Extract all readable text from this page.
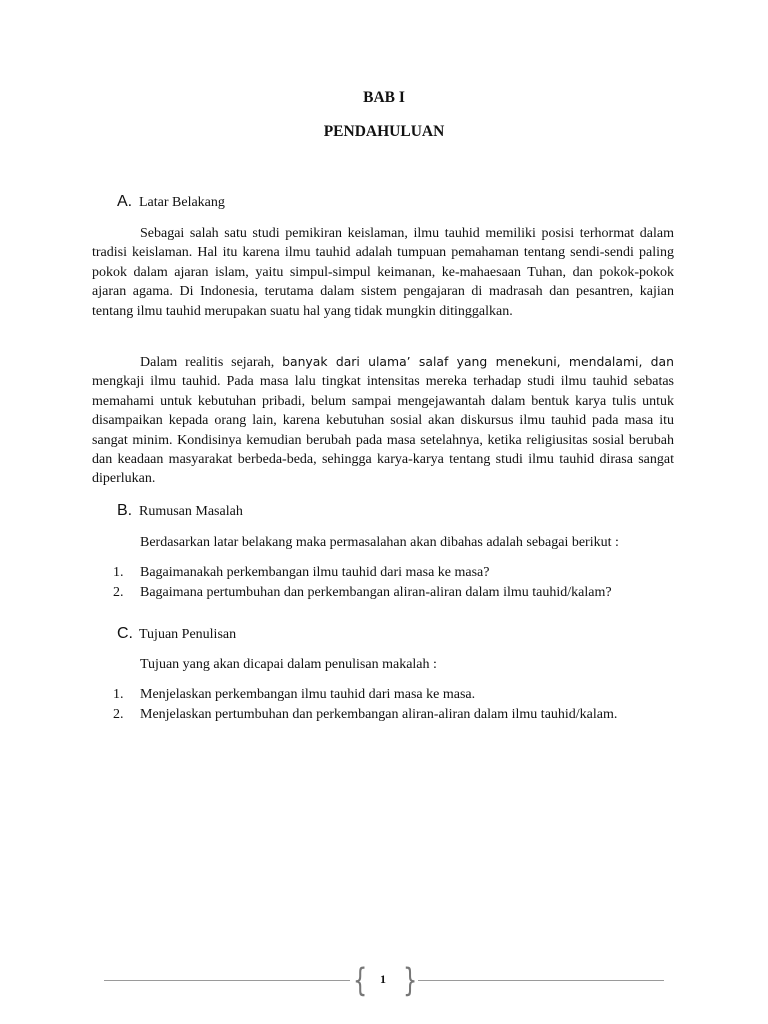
BAB I
PENDAHULUAN
A. Latar Belakang

Sebagai salah satu studi pemikiran keislaman, ilmu tauhid memiliki posisi terhormat dalam tradisi keislaman. Hal itu karena ilmu tauhid adalah tumpuan pemahaman tentang sendi-sendi paling pokok dalam ajaran islam, yaitu simpul-simpul keimanan, ke-mahaesaan Tuhan, dan pokok-pokok ajaran agama. Di Indonesia, terutama dalam sistem pengajaran di madrasah dan pesantren, kajian tentang ilmu tauhid merupakan suatu hal yang tidak mungkin ditinggalkan.

Dalam realitis sejarah, banyak dari ulama’ salaf yang menekuni, mendalami, dan mengkaji ilmu tauhid. Pada masa lalu tingkat intensitas mereka terhadap studi ilmu tauhid sebatas memahami untuk kebutuhan pribadi, belum sampai mengejawantah dalam bentuk karya tulis untuk disampaikan kepada orang lain, karena kebutuhan sosial akan diskursus ilmu tauhid pada masa itu sangat minim. Kondisinya kemudian berubah pada masa setelahnya, ketika religiusitas sosial berubah dan keadaan masyarakat berbeda-beda, sehingga karya-karya tentang studi ilmu tauhid dirasa sangat diperlukan.

B. Rumusan Masalah
Berdasarkan latar belakang maka permasalahan akan dibahas adalah sebagai berikut :
1. Bagaimanakah perkembangan ilmu tauhid dari masa ke masa?
2. Bagaimana pertumbuhan dan perkembangan aliran-aliran dalam ilmu tauhid/kalam?
C. Tujuan Penulisan
Tujuan yang akan dicapai dalam penulisan makalah :
1. Menjelaskan perkembangan ilmu tauhid dari masa ke masa.
2. Menjelaskan pertumbuhan dan perkembangan aliran-aliran dalam ilmu tauhid/kalam.
{ }
1
